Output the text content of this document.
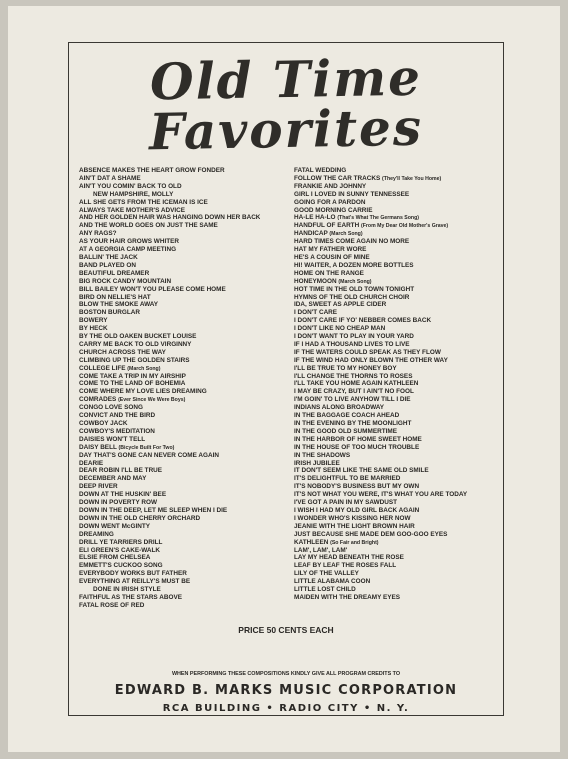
Old Time
Favorites
ABSENCE MAKES THE HEART GROW FONDER
AIN'T DAT A SHAME
AIN'T YOU COMIN' BACK TO OLD
NEW HAMPSHIRE, MOLLY
ALL SHE GETS FROM THE ICEMAN IS ICE
ALWAYS TAKE MOTHER'S ADVICE
AND HER GOLDEN HAIR WAS HANGING DOWN HER BACK
AND THE WORLD GOES ON JUST THE SAME
ANY RAGS?
AS YOUR HAIR GROWS WHITER
AT A GEORGIA CAMP MEETING
BALLIN' THE JACK
BAND PLAYED ON
BEAUTIFUL DREAMER
BIG ROCK CANDY MOUNTAIN
BILL BAILEY WON'T YOU PLEASE COME HOME
BIRD ON NELLIE'S HAT
BLOW THE SMOKE AWAY
BOSTON BURGLAR
BOWERY
BY HECK
BY THE OLD OAKEN BUCKET LOUISE
CARRY ME BACK TO OLD VIRGINNY
CHURCH ACROSS THE WAY
CLIMBING UP THE GOLDEN STAIRS
COLLEGE LIFE (March Song)
COME TAKE A TRIP IN MY AIRSHIP
COME TO THE LAND OF BOHEMIA
COME WHERE MY LOVE LIES DREAMING
COMRADES (Ever Since We Were Boys)
CONGO LOVE SONG
CONVICT AND THE BIRD
COWBOY JACK
COWBOY'S MEDITATION
DAISIES WON'T TELL
DAISY BELL (Bicycle Built For Two)
DAY THAT'S GONE CAN NEVER COME AGAIN
DEARIE
DEAR ROBIN I'LL BE TRUE
DECEMBER AND MAY
DEEP RIVER
DOWN AT THE HUSKIN' BEE
DOWN IN POVERTY ROW
DOWN IN THE DEEP, LET ME SLEEP WHEN I DIE
DOWN IN THE OLD CHERRY ORCHARD
DOWN WENT McGINTY
DREAMING
DRILL YE TARRIERS DRILL
ELI GREEN'S CAKE-WALK
ELSIE FROM CHELSEA
EMMETT'S CUCKOO SONG
EVERYBODY WORKS BUT FATHER
EVERYTHING AT REILLY'S MUST BE
DONE IN IRISH STYLE
FAITHFUL AS THE STARS ABOVE
FATAL ROSE OF RED
FATAL WEDDING
FOLLOW THE CAR TRACKS (They'll Take You Home)
FRANKIE AND JOHNNY
GIRL I LOVED IN SUNNY TENNESSEE
GOING FOR A PARDON
GOOD MORNING CARRIE
HA-LE HA-LO (That's What The Germans Song)
HANDFUL OF EARTH (From My Dear Old Mother's Grave)
HANDICAP (March Song)
HARD TIMES COME AGAIN NO MORE
HAT MY FATHER WORE
HE'S A COUSIN OF MINE
HI! WAITER, A DOZEN MORE BOTTLES
HOME ON THE RANGE
HONEYMOON (March Song)
HOT TIME IN THE OLD TOWN TONIGHT
HYMNS OF THE OLD CHURCH CHOIR
IDA, SWEET AS APPLE CIDER
I DON'T CARE
I DON'T CARE IF YO' NEBBER COMES BACK
I DON'T LIKE NO CHEAP MAN
I DON'T WANT TO PLAY IN YOUR YARD
IF I HAD A THOUSAND LIVES TO LIVE
IF THE WATERS COULD SPEAK AS THEY FLOW
IF THE WIND HAD ONLY BLOWN THE OTHER WAY
I'LL BE TRUE TO MY HONEY BOY
I'LL CHANGE THE THORNS TO ROSES
I'LL TAKE YOU HOME AGAIN KATHLEEN
I MAY BE CRAZY, BUT I AIN'T NO FOOL
I'M GOIN' TO LIVE ANYHOW TILL I DIE
INDIANS ALONG BROADWAY
IN THE BAGGAGE COACH AHEAD
IN THE EVENING BY THE MOONLIGHT
IN THE GOOD OLD SUMMERTIME
IN THE HARBOR OF HOME SWEET HOME
IN THE HOUSE OF TOO MUCH TROUBLE
IN THE SHADOWS
IRISH JUBILEE
IT DON'T SEEM LIKE THE SAME OLD SMILE
IT'S DELIGHTFUL TO BE MARRIED
IT'S NOBODY'S BUSINESS BUT MY OWN
IT'S NOT WHAT YOU WERE, IT'S WHAT YOU ARE TODAY
I'VE GOT A PAIN IN MY SAWDUST
I WISH I HAD MY OLD GIRL BACK AGAIN
I WONDER WHO'S KISSING HER NOW
JEANIE WITH THE LIGHT BROWN HAIR
JUST BECAUSE SHE MADE DEM GOO-GOO EYES
KATHLEEN (So Fair and Bright)
LAM', LAM', LAM'
LAY MY HEAD BENEATH THE ROSE
LEAF BY LEAF THE ROSES FALL
LILY OF THE VALLEY
LITTLE ALABAMA COON
LITTLE LOST CHILD
MAIDEN WITH THE DREAMY EYES
PRICE 50 CENTS EACH
WHEN PERFORMING THESE COMPOSITIONS KINDLY GIVE ALL PROGRAM CREDITS TO
EDWARD B. MARKS MUSIC CORPORATION
RCA BUILDING • RADIO CITY • N. Y.
